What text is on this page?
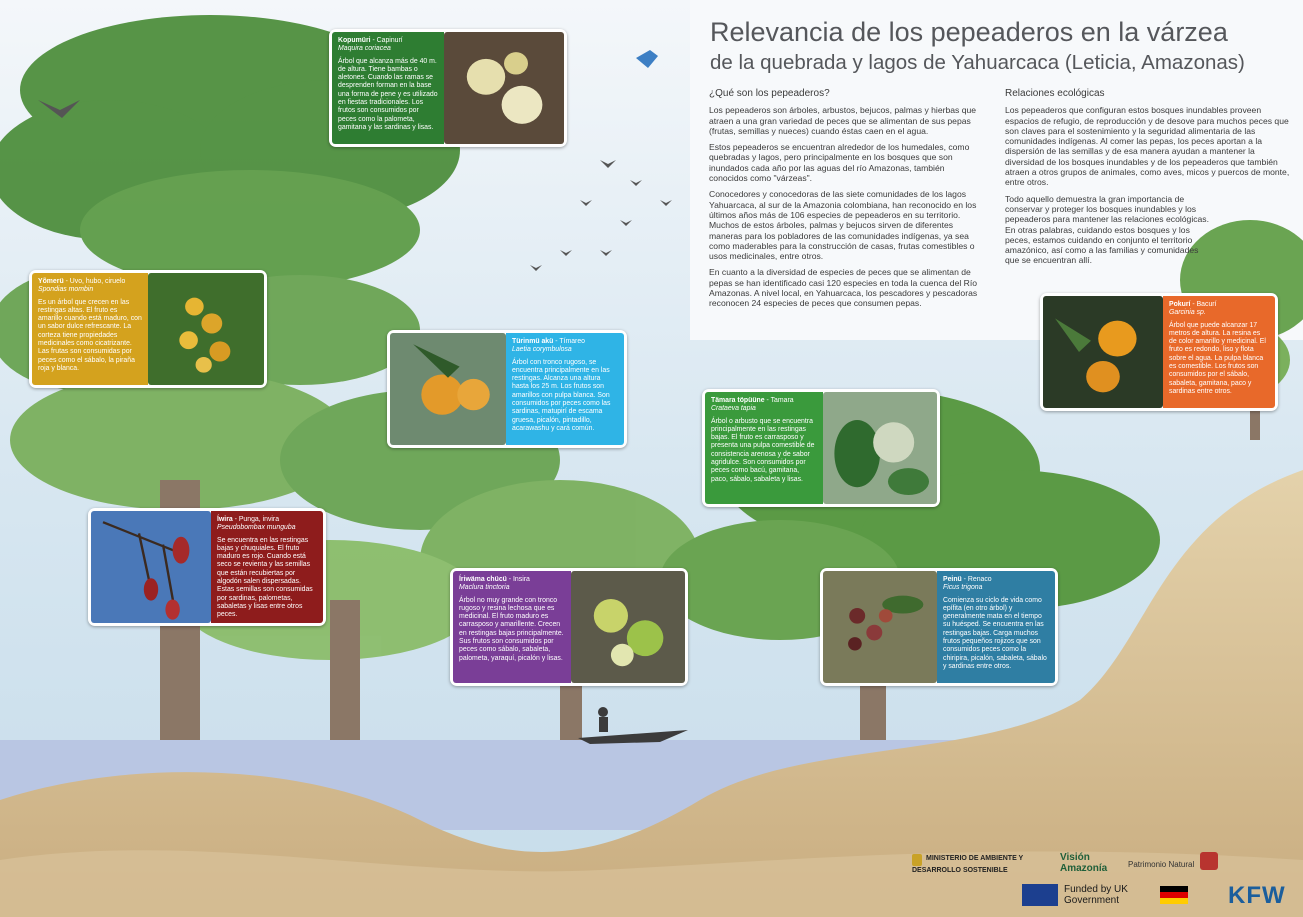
Relevancia de los pepeaderos en la várzea
de la quebrada y lagos de Yahuarcaca (Leticia, Amazonas)
¿Qué son los pepeaderos?

Los pepeaderos son árboles, arbustos, bejucos, palmas y hierbas que atraen a una gran variedad de peces que se alimentan de sus pepas (frutas, semillas y nueces) cuando éstas caen en el agua.

Estos pepeaderos se encuentran alrededor de los humedales, como quebradas y lagos, pero principalmente en los bosques que son inundados cada año por las aguas del río Amazonas, también conocidos como "várzeas".

Conocedores y conocedoras de las siete comunidades de los lagos Yahuarcaca, al sur de la Amazonia colombiana, han reconocido en los últimos años más de 106 especies de pepeaderos en su territorio. Muchos de estos árboles, palmas y bejucos sirven de diferentes maneras para los pobladores de las comunidades indígenas, ya sea como maderables para la construcción de casas, frutas comestibles o usos medicinales, entre otros.

En cuanto a la diversidad de especies de peces que se alimentan de pepas se han identificado casi 120 especies en toda la cuenca del Río Amazonas. A nivel local, en Yahuarcaca, los pescadores y pescadoras reconocen 24 especies de peces que consumen pepas.

Relaciones ecológicas

Los pepeaderos que configuran estos bosques inundables proveen espacios de refugio, de reproducción y de desove para muchos peces que son claves para el sostenimiento y la seguridad alimentaria de las comunidades indígenas. Al comer las pepas, los peces aportan a la dispersión de las semillas y de esa manera ayudan a mantener la diversidad de los bosques inundables y de los pepeaderos que también atraen a otros grupos de animales, como aves, micos y puercos de monte, entre otros.

Todo aquello demuestra la gran importancia de conservar y proteger los bosques inundables y los pepeaderos para mantener las relaciones ecológicas. En otras palabras, cuidando estos bosques y los peces, estamos cuidando en conjunto el territorio amazónico, así como a las familias y comunidades que se encuentran allí.

Kopumüri - Capinurí
Maquira coriacea
Árbol que alcanza más de 40 m. de altura. Tiene bambas o aletones. Cuando las ramas se desprenden forman en la base una forma de pene y es utilizado en fiestas tradicionales. Los frutos son consumidos por peces como la palometa, gamitana y las sardinas y lisas.
Yõmerü - Uvo, hubo, ciruelo
Spondias mombin
Es un árbol que crecen en las restingas altas. El fruto es amarillo cuando está maduro, con un sabor dulce refrescante. La corteza tiene propiedades medicinales como cicatrizante. Las frutas son consumidas por peces como el sábalo, la piraña roja y blanca.
Türinmü akü - Tímareo
Laetia corymbulosa
Árbol con tronco rugoso, se encuentra principalmente en las restingas. Alcanza una altura hasta los 25 m. Los frutos son amarillos con pulpa blanca. Son consumidos por peces como las sardinas, matupirí de escama gruesa, picalón, pintadillo, acarawashu y cará común.
Tämara töpüüne - Tamara
Crataeva tapia
Árbol o arbusto que se encuentra principalmente en las restingas bajas. El fruto es carrasposo y presenta una pulpa comestible de consistencia arenosa y de sabor agridulce. Son consumidos por peces como bacú, gamitana, paco, sábalo, sabaleta y lisas.
Pokurí - Bacurí
Garcinia sp.
Árbol que puede alcanzar 17 metros de altura. La resina es de color amarillo y medicinal. El fruto es redondo, liso y flota sobre el agua. La pulpa blanca es comestible. Los frutos son consumidos por el sábalo, sabaleta, gamitana, paco y sardinas entre otros.
Íwira - Punga, invira
Pseudobombax munguba
Se encuentra en las restingas bajas y chuquiales. El fruto maduro es rojo. Cuando está seco se revienta y las semillas que están recubiertas por algodón salen dispersadas. Estas semillas son consumidas por sardinas, palometas, sabaletas y lisas entre otros peces.
Íriwäma chücü - Insira
Maclura tinctoria
Árbol no muy grande con tronco rugoso y resina lechosa que es medicinal. El fruto maduro es carrasposo y amarillente. Crecen en restingas bajas principalmente. Sus frutos son consumidos por peces como sábalo, sabaleta, palometa, yaraquí, picalón y lisas.
Peinü - Renaco
Ficus trigona
Comienza su ciclo de vida como epífita (en otro árbol) y generalmente mata en el tiempo su huésped. Se encuentra en las restingas bajas. Carga muchos frutos pequeños rojizos que son consumidos peces como la chiripira, picalón, sabaleta, sábalo y sardinas entre otros.
MINISTERIO DE AMBIENTE Y DESARROLLO SOSTENIBLE
Visión Amazonía	Patrimonio Natural
Funded by UK Government	KFW
